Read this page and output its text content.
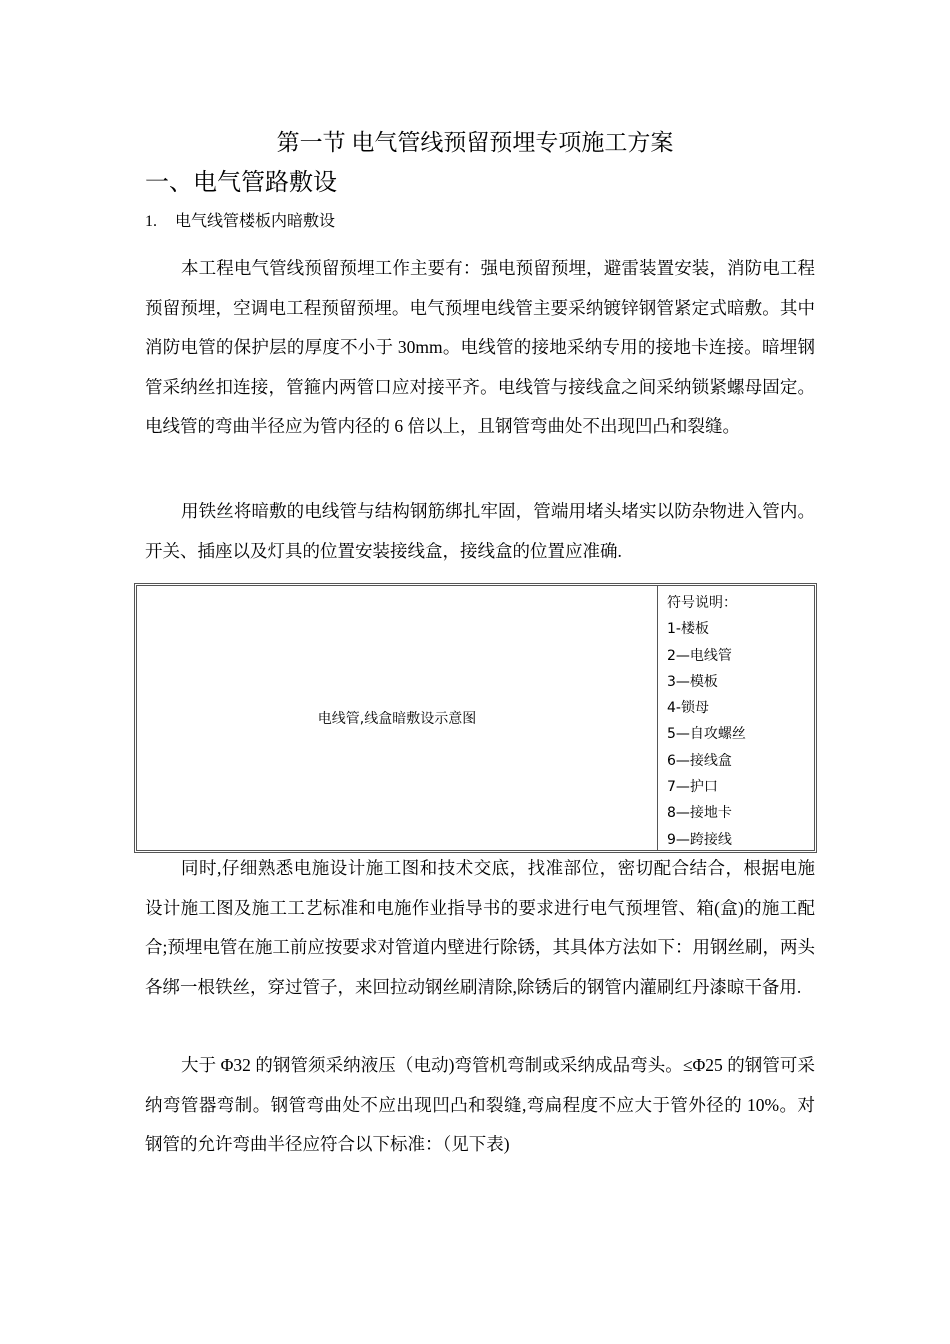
第一节 电气管线预留预埋专项施工方案
一、电气管路敷设
1. 电气线管楼板内暗敷设

本工程电气管线预留预埋工作主要有：强电预留预埋，避雷装置安装，消防电工程预留预埋，空调电工程预留预埋。电气预埋电线管主要采纳镀锌钢管紧定式暗敷。其中消防电管的保护层的厚度不小于 30mm。电线管的接地采纳专用的接地卡连接。暗埋钢管采纳丝扣连接，管箍内两管口应对接平齐。电线管与接线盒之间采纳锁紧螺母固定。电线管的弯曲半径应为管内径的 6 倍以上，且钢管弯曲处不出现凹凸和裂缝。

用铁丝将暗敷的电线管与结构钢筋绑扎牢固，管端用堵头堵实以防杂物进入管内。开关、插座以及灯具的位置安装接线盒，接线盒的位置应准确.

电线管,线盒暗敷设示意图
符号说明：
1-楼板
2—电线管
3—模板
4-锁母
5—自攻螺丝
6—接线盒
7—护口
8—接地卡
9—跨接线

同时,仔细熟悉电施设计施工图和技术交底，找准部位，密切配合结合，根据电施设计施工图及施工工艺标准和电施作业指导书的要求进行电气预埋管、箱(盒)的施工配合;预埋电管在施工前应按要求对管道内壁进行除锈，其具体方法如下：用钢丝刷，两头各绑一根铁丝，穿过管子，来回拉动钢丝刷清除,除锈后的钢管内灌刷红丹漆晾干备用.

大于 Φ32 的钢管须采纳液压（电动)弯管机弯制或采纳成品弯头。≤Φ25 的钢管可采纳弯管器弯制。钢管弯曲处不应出现凹凸和裂缝,弯扁程度不应大于管外径的 10%。对钢管的允许弯曲半径应符合以下标准：（见下表)
